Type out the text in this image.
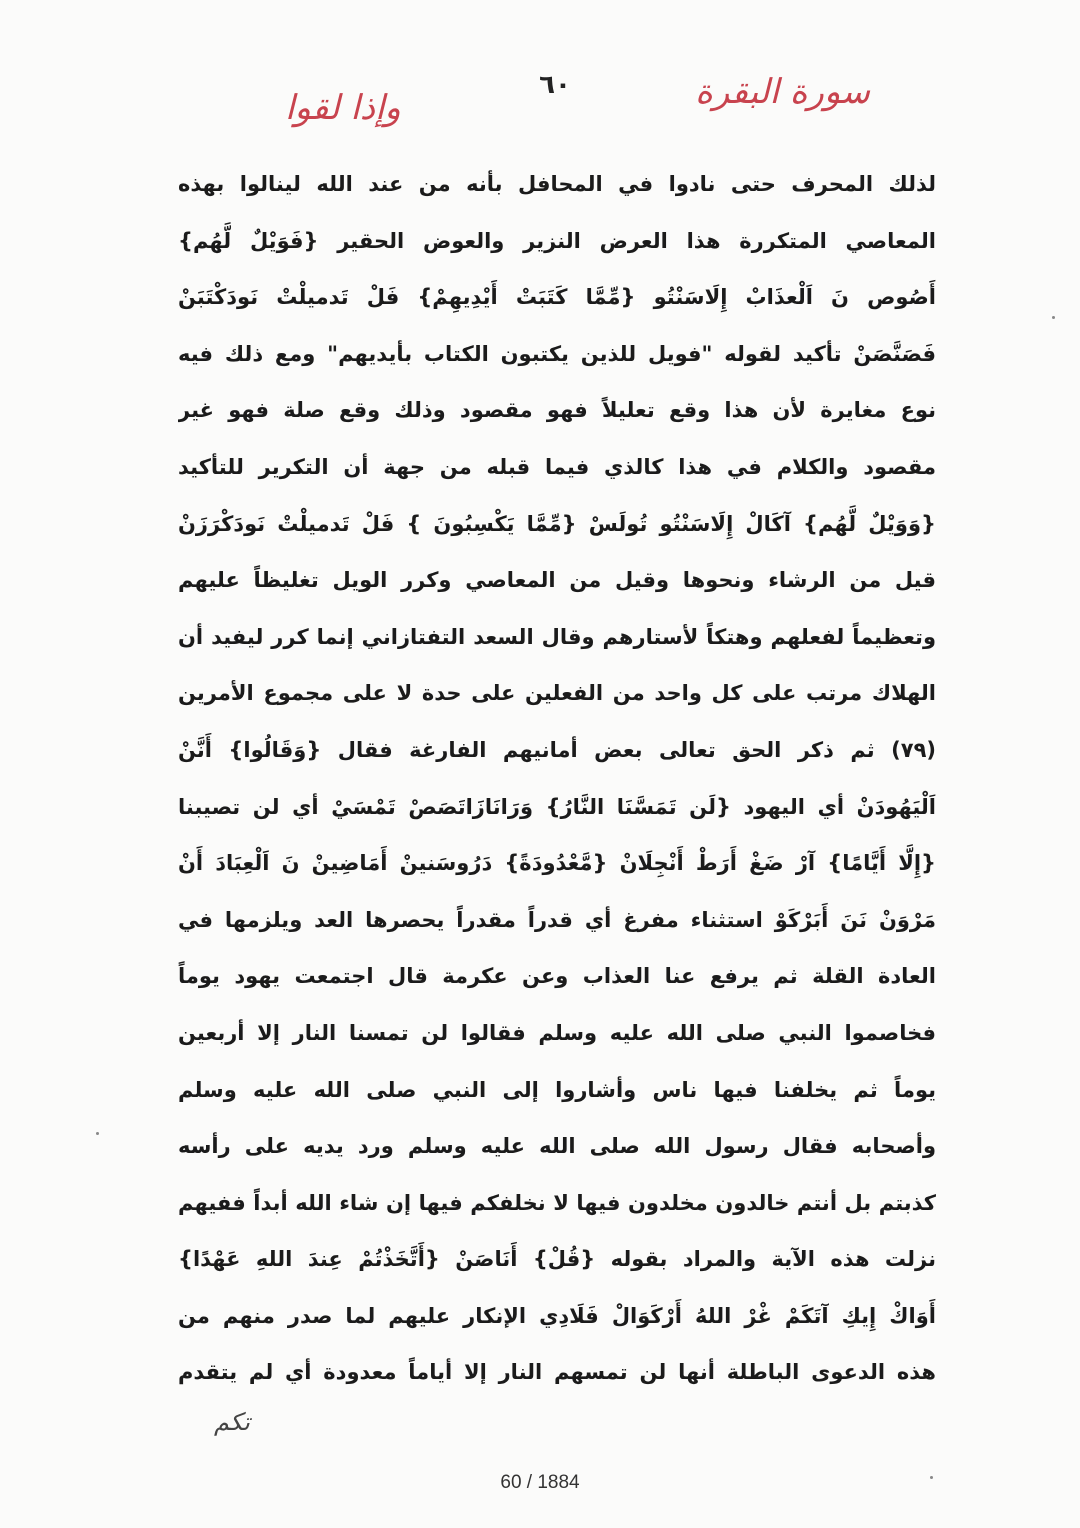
سورة البقرة
٦٠
وإذا لقوا
لذلك المحرف حتى نادوا في المحافل بأنه من عند الله لينالوا بهذه
المعاصي المتكررة هذا العرض النزير والعوض الحقير {فَوَيْلٌ لَّهُم}
أَصُوص نَ اَلْعذَابْ إِلَاسَنْتُو {مِّمَّا كَتَبَتْ أَيْدِيهِمْ} فَلْ تَدميلْتْ نَودَكْتَبَنْ
فَصَنَّصَنْ تأكيد لقوله "فويل للذين يكتبون الكتاب بأيديهم" ومع ذلك فيه
نوع مغايرة لأن هذا وقع تعليلاً فهو مقصود وذلك وقع صلة فهو غير
مقصود والكلام في هذا كالذي فيما قبله من جهة أن التكرير للتأكيد
{وَوَيْلٌ لَّهُم} آكَالْ إِلَاسَنْتُو تُولَسْ {مِّمَّا يَكْسِبُونَ } فَلْ تَدميلْتْ نَودَكْرَزَنْ
قيل من الرشاء ونحوها وقيل من المعاصي وكرر الويل تغليظاً عليهم
وتعظيماً لفعلهم وهتكاً لأستارهم وقال السعد التفتازاني إنما كرر ليفيد أن
الهلاك مرتب على كل واحد من الفعلين على حدة لا على مجموع الأمرين
(٧٩) ثم ذكر الحق تعالى بعض أمانيهم الفارغة فقال {وَقَالُوا} أَنَّنْ
اَلْيَهُودَنْ أي اليهود {لَن تَمَسَّنَا النَّارُ} وَرَانَازَاتَصَصْ تَمْسَيْ أي لن تصيبنا
{إِلَّا أَيَّامًا} آرْ ضَغْ أَرَطْ أَنْجِلَانْ {مَّعْدُودَةً} دَرُوسَنينْ أَمَاضِينْ نَ اَلْعِبَادَ أَنْ
مَرْوَنْ نَنَ أَبَرْكَوْ استثناء مفرغ أي قدراً مقدراً يحصرها العد ويلزمها في
العادة القلة ثم يرفع عنا العذاب وعن عكرمة قال اجتمعت يهود يوماً
فخاصموا النبي صلى الله عليه وسلم فقالوا لن تمسنا النار إلا أربعين
يوماً ثم يخلفنا فيها ناس وأشاروا إلى النبي صلى الله عليه وسلم
وأصحابه فقال رسول الله صلى الله عليه وسلم ورد يديه على رأسه
كذبتم بل أنتم خالدون مخلدون فيها لا نخلفكم فيها إن شاء الله أبداً ففيهم
نزلت هذه الآية والمراد بقوله {قُلْ} أَنَاصَنْ {أَتَّخَذْتُمْ عِندَ اللهِ عَهْدًا}
أَوَاكْ إِيكِ آتَكَمْ غْرْ اللهُ أَرْكَوَالْ فَلَادِي الإنكار عليهم لما صدر منهم من
هذه الدعوى الباطلة أنها لن تمسهم النار إلا أياماً معدودة أي لم يتقدم
تكم
60 / 1884
